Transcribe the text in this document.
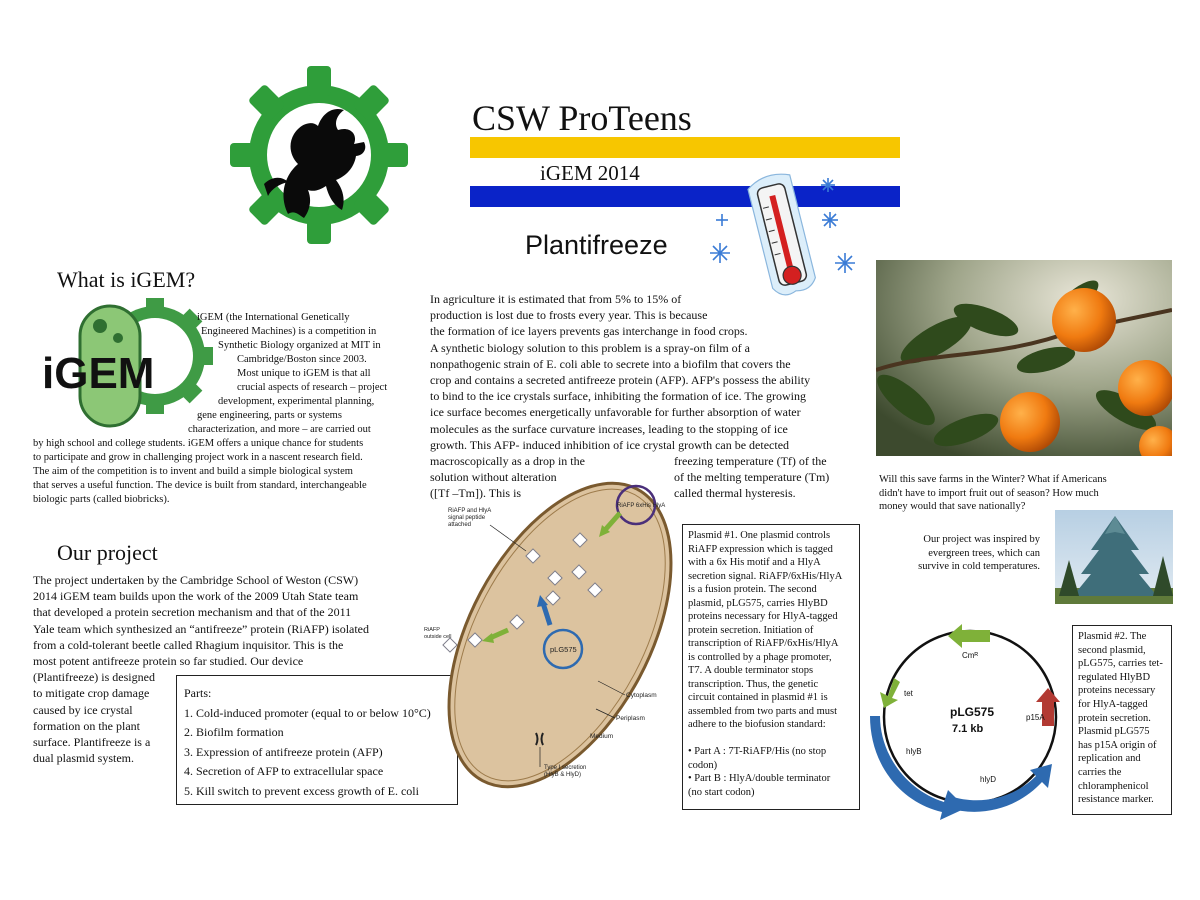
CSW ProTeens
iGEM 2014
What is iGEM?
iGEM
iGEM (the International Genetically
Engineered Machines) is a competition in
Synthetic Biology organized at MIT in
Cambridge/Boston since 2003.
Most unique to iGEM is that all
crucial aspects of research – project
development, experimental planning,
gene engineering, parts or systems
characterization, and more – are carried out
by high school and college students. iGEM offers a unique chance for students
to participate and grow in challenging project work in a nascent research field.
The aim of the competition is to invent and build a simple biological system
that serves a useful function. The device is built from standard, interchangeable
biologic parts (called biobricks).
Our project
The project undertaken by the Cambridge School of Weston (CSW)
2014 iGEM team builds upon the work of the 2009 Utah State team
that developed a protein secretion mechanism and that of the 2011
Yale team which synthesized an “antifreeze” protein (RiAFP) isolated
from a cold-tolerant beetle called Rhagium inquisitor. This is the
most potent antifreeze protein so far studied. Our device
(Plantifreeze) is designed
to mitigate crop damage
caused by ice crystal
formation on the plant
surface. Plantifreeze is a
dual plasmid system.
Parts:
1. Cold-induced promoter (equal to or below 10°C)
2. Biofilm formation
3. Expression of antifreeze protein (AFP)
4. Secretion of AFP to extracellular space
5. Kill switch to prevent excess growth of E. coli
Plantifreeze
In agriculture it is estimated that from 5% to 15% of
production is lost due to frosts every year. This is because
the formation of ice layers prevents gas interchange in food crops.
A synthetic biology solution to this problem is a spray-on film of a
nonpathogenic strain of E. coli able to secrete into a biofilm that covers the
crop and contains a secreted antifreeze protein (AFP). AFP's possess the ability
to bind to the ice crystals surface, inhibiting the formation of ice. The growing
ice surface becomes energetically unfavorable for further absorption of water
molecules as the surface curvature increases, leading to the stopping of ice
growth. This AFP- induced inhibition of ice crystal growth can be detected
macroscopically as a drop in the
solution without alteration
([Tf –Tm]). This is
freezing temperature (Tf) of the
of the melting temperature (Tm)
called thermal hysteresis.
RiAFP 6xHis HlyA
pLG575
RiAFP and HlyA
signal peptide
attached
RiAFP
outside cell
Cytoplasm
Periplasm
Medium
Type I secretion
(HlyB & HlyD)
Plasmid #1. One plasmid controls
RiAFP expression which is tagged
with a 6x His motif and a HlyA
secretion signal. RiAFP/6xHis/HlyA
is a fusion protein. The second
plasmid, pLG575, carries HlyBD
proteins necessary for HlyA-tagged
protein secretion. Initiation of
transcription of RiAFP/6xHis/HlyA
is controlled by a phage promoter,
T7. A double terminator stops
transcription. Thus, the genetic
circuit contained in plasmid #1 is
assembled from two parts and must
adhere to the biofusion standard:
• Part A : 7T-RiAFP/His (no stop
codon)
• Part B : HlyA/double terminator
(no start codon)
Will this save farms in the Winter? What if Americans
didn't have to import fruit out of season? How much
money would that save nationally?
Our project was inspired by
evergreen trees, which can
survive in cold temperatures.
Cmᴿ
tet
p15A
hlyB
hlyD
pLG575
7.1 kb
Plasmid #2. The
second plasmid,
pLG575, carries tet-
regulated HlyBD
proteins necessary
for HlyA-tagged
protein secretion.
Plasmid pLG575
has p15A origin of
replication and
carries the
chloramphenicol
resistance marker.
